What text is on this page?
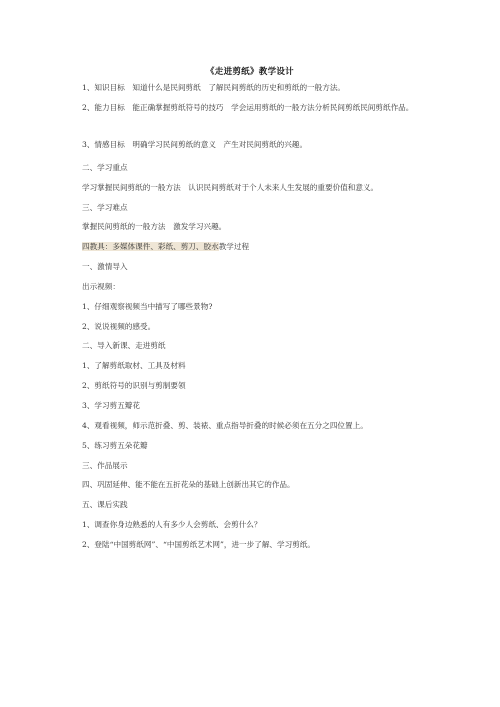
《走进剪纸》教学设计
1、知识目标　知道什么是民间剪纸　了解民间剪纸的历史和剪纸的一般方法。
2、能力目标　能正确掌握剪纸符号的技巧　学会运用剪纸的一般方法分析民间剪纸民间剪纸作品。
3、情感目标　明确学习民间剪纸的意义　产生对民间剪纸的兴趣。
二、学习重点
学习掌握民间剪纸的一般方法　认识民间剪纸对于个人未来人生发展的重要价值和意义。
三、学习难点
掌握民间剪纸的一般方法　激发学习兴趣。
四教具：多媒体课件、彩纸、剪刀、胶水教学过程
一、激情导入
出示视频：
1、仔细观察视频当中描写了哪些景物?
2、说说视频的感受。
二、导入新课、走进剪纸
1、了解剪纸取材、工具及材料
2、剪纸符号的识别与剪制要领
3、学习剪五瓣花
4、观看视频，师示范折叠、剪、装裱、重点指导折叠的时候必须在五分之四位置上。
5、练习剪五朵花瓣
三、作品展示
四、巩固延伸、能不能在五折花朵的基础上创新出其它的作品。
五、课后实践
1、调查你身边熟悉的人有多少人会剪纸、会剪什么？
2、登陆“中国剪纸网”、“中国剪纸艺术网”，进一步了解、学习剪纸。
